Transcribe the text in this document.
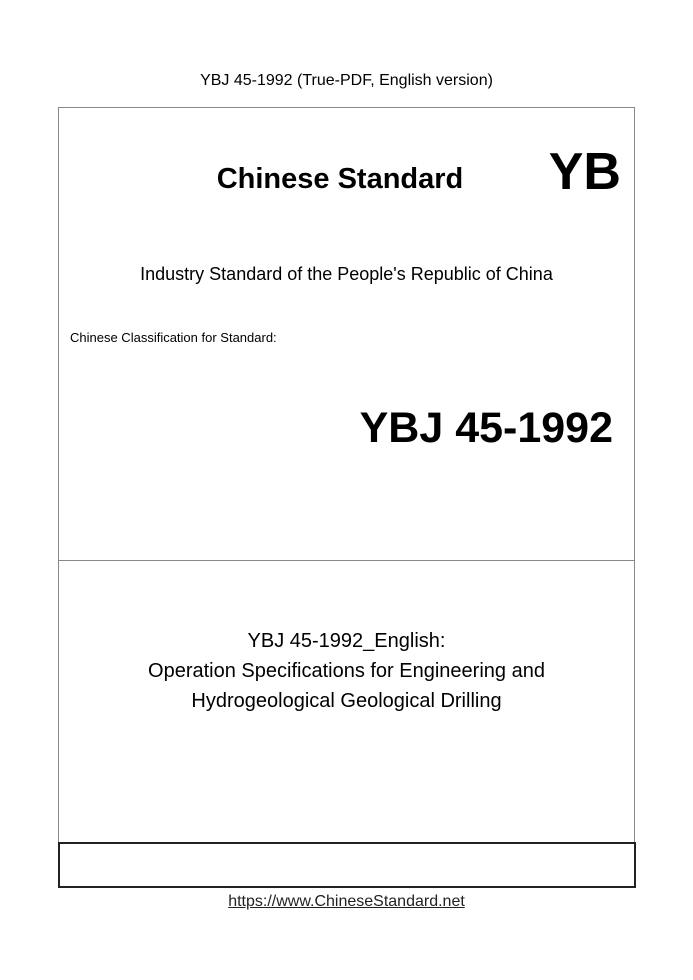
YBJ 45-1992 (True-PDF, English version)
Chinese Standard	YB
Industry Standard of the People's Republic of China
Chinese Classification for Standard:
YBJ 45-1992
YBJ 45-1992_English:
Operation Specifications for Engineering and
Hydrogeological Geological Drilling
https://www.ChineseStandard.net
